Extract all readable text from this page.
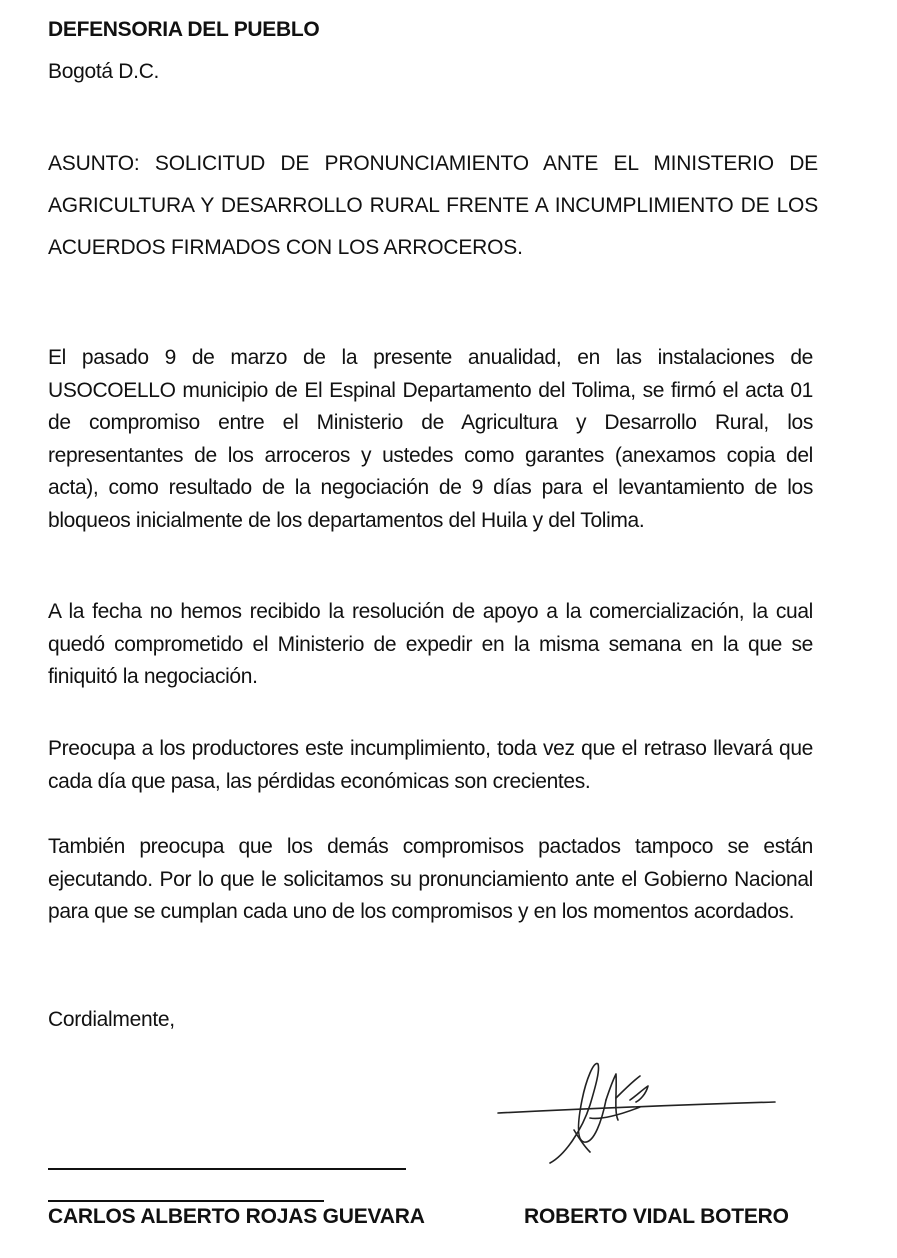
DEFENSORIA DEL PUEBLO
Bogotá D.C.
ASUNTO: SOLICITUD DE PRONUNCIAMIENTO ANTE EL MINISTERIO DE AGRICULTURA Y DESARROLLO RURAL FRENTE A INCUMPLIMIENTO DE LOS ACUERDOS FIRMADOS CON LOS ARROCEROS.

El pasado 9 de marzo de la presente anualidad, en las instalaciones de USOCOELLO municipio de El Espinal Departamento del Tolima, se firmó el acta 01 de compromiso entre el Ministerio de Agricultura y Desarrollo Rural, los representantes de los arroceros y ustedes como garantes (anexamos copia del acta), como resultado de la negociación de 9 días para el levantamiento de los bloqueos inicialmente de los departamentos del Huila y del Tolima.

A la fecha no hemos recibido la resolución de apoyo a la comercialización, la cual quedó comprometido el Ministerio de expedir en la misma semana en la que se finiquitó la negociación.

Preocupa a los productores este incumplimiento, toda vez que el retraso llevará que cada día que pasa, las pérdidas económicas son crecientes.

También preocupa que los demás compromisos pactados tampoco se están ejecutando. Por lo que le solicitamos su pronunciamiento ante el Gobierno Nacional para que se cumplan cada uno de los compromisos y en los momentos acordados.

Cordialmente,
CARLOS ALBERTO ROJAS GUEVARA	ROBERTO VIDAL BOTERO
